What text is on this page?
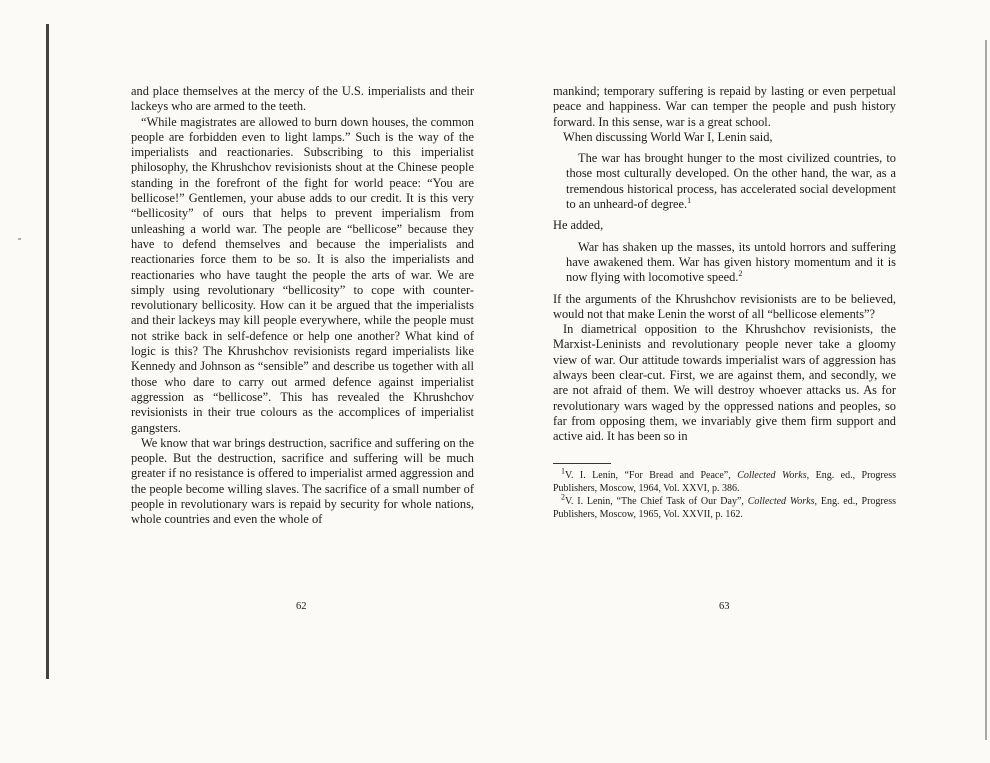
and place themselves at the mercy of the U.S. imperialists and their lackeys who are armed to the teeth.

“While magistrates are allowed to burn down houses, the common people are forbidden even to light lamps.” Such is the way of the imperialists and reactionaries. Subscribing to this imperialist philosophy, the Khrushchov revisionists shout at the Chinese people standing in the forefront of the fight for world peace: “You are bellicose!” Gentlemen, your abuse adds to our credit. It is this very “bellicosity” of ours that helps to prevent imperialism from unleashing a world war. The people are “bellicose” because they have to defend themselves and because the imperialists and reactionaries force them to be so. It is also the imperialists and reactionaries who have taught the people the arts of war. We are simply using revolutionary “bellicosity” to cope with counter-revolutionary bellicosity. How can it be argued that the imperialists and their lackeys may kill people everywhere, while the people must not strike back in self-defence or help one another? What kind of logic is this? The Khrushchov revisionists regard imperialists like Kennedy and Johnson as “sensible” and describe us together with all those who dare to carry out armed defence against imperialist aggression as “bellicose”. This has revealed the Khrushchov revisionists in their true colours as the accomplices of imperialist gangsters.

We know that war brings destruction, sacrifice and suffering on the people. But the destruction, sacrifice and suffering will be much greater if no resistance is offered to imperialist armed aggression and the people become willing slaves. The sacrifice of a small number of people in revolutionary wars is repaid by security for whole nations, whole countries and even the whole of

62

mankind; temporary suffering is repaid by lasting or even perpetual peace and happiness. War can temper the people and push history forward. In this sense, war is a great school.

When discussing World War I, Lenin said,

The war has brought hunger to the most civilized countries, to those most culturally developed. On the other hand, the war, as a tremendous historical process, has accelerated social development to an unheard-of degree.$^1$

He added,

War has shaken up the masses, its untold horrors and suffering have awakened them. War has given history momentum and it is now flying with locomotive speed.$^2$

If the arguments of the Khrushchov revisionists are to be believed, would not that make Lenin the worst of all “bellicose elements”?

In diametrical opposition to the Khrushchov revisionists, the Marxist-Leninists and revolutionary people never take a gloomy view of war. Our attitude towards imperialist wars of aggression has always been clear-cut. First, we are against them, and secondly, we are not afraid of them. We will destroy whoever attacks us. As for revolutionary wars waged by the oppressed nations and peoples, so far from opposing them, we invariably give them firm support and active aid. It has been so in

$^1$V. I. Lenin, “For Bread and Peace”, Collected Works, Eng. ed., Progress Publishers, Moscow, 1964, Vol. XXVI, p. 386.

$^2$V. I. Lenin, “The Chief Task of Our Day”, Collected Works, Eng. ed., Progress Publishers, Moscow, 1965, Vol. XXVII, p. 162.

63
